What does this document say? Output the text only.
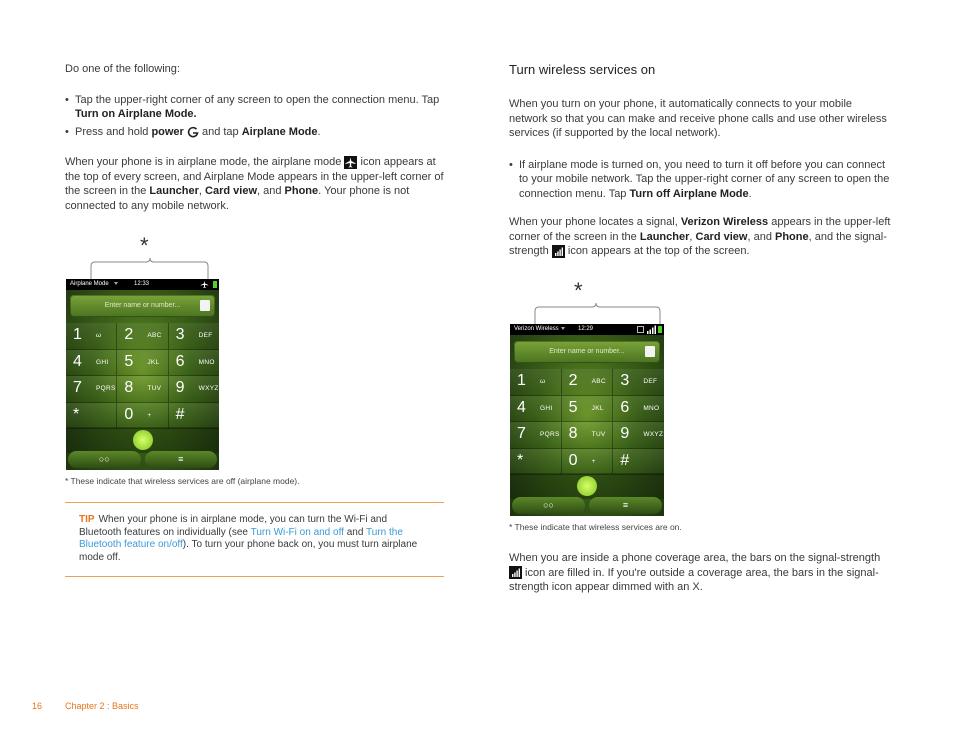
Do one of the following:

• Tap the upper-right corner of any screen to open the connection menu. Tap Turn on Airplane Mode.
• Press and hold power  and tap Airplane Mode.

When your phone is in airplane mode, the airplane mode  icon appears at the top of every screen, and Airplane Mode appears in the upper-left corner of the screen in the Launcher, Card view, and Phone. Your phone is not connected to any mobile network.

*
Airplane Mode	12:33
Enter name or number...
1 ω 2 ABC 3 DEF
4 GHI 5 JKL 6 MNO
7 PQRS 8 TUV 9 WXYZ
*	0 + #
○○	≡
* These indicate that wireless services are off (airplane mode).
TIP When your phone is in airplane mode, you can turn the Wi-Fi and Bluetooth features on individually (see Turn Wi-Fi on and off and Turn the Bluetooth feature on/off). To turn your phone back on, you must turn airplane mode off.
Turn wireless services on

When you turn on your phone, it automatically connects to your mobile network so that you can make and receive phone calls and use other wireless services (if supported by the local network).

• If airplane mode is turned on, you need to turn it off before you can connect to your mobile network. Tap the upper-right corner of any screen to open the connection menu. Tap Turn off Airplane Mode.

When your phone locates a signal, Verizon Wireless appears in the upper-left corner of the screen in the Launcher, Card view, and Phone, and the signal-strength  icon appears at the top of the screen.

*
Verizon Wireless	12:29
Enter name or number...
1 ω 2 ABC 3 DEF
4 GHI 5 JKL 6 MNO
7 PQRS 8 TUV 9 WXYZ
*	0 + #
○○	≡
* These indicate that wireless services are on.

When you are inside a phone coverage area, the bars on the signal-strength  icon are filled in. If you're outside a coverage area, the bars in the signal-strength icon appear dimmed with an X.

16	Chapter 2 : Basics
